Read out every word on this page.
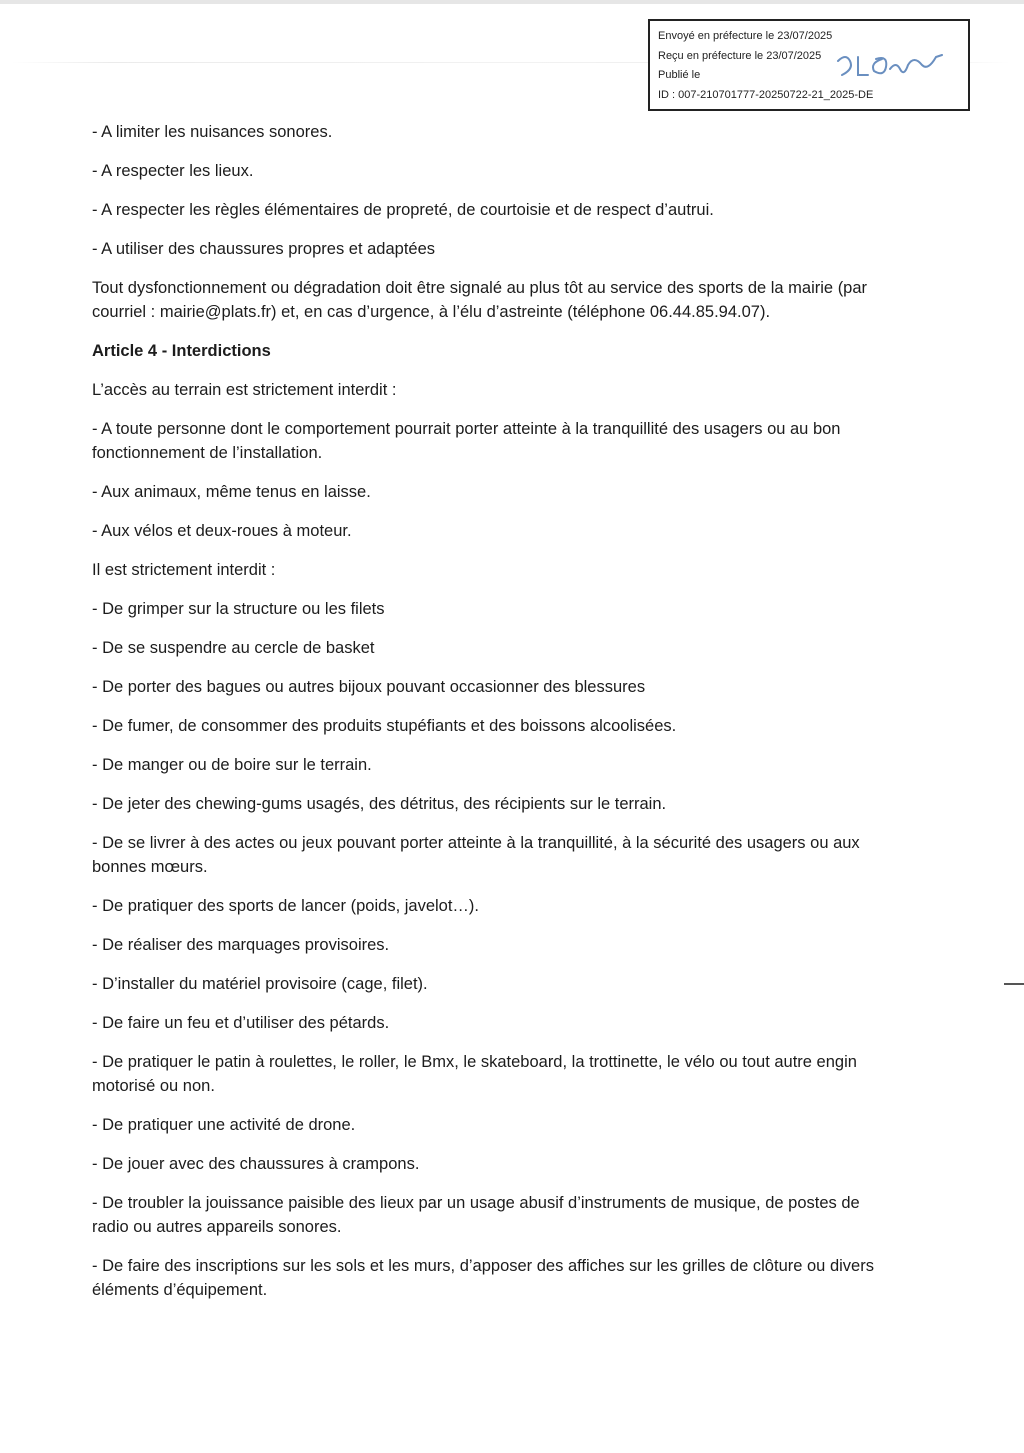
Envoyé en préfecture le 23/07/2025
Reçu en préfecture le 23/07/2025
Publié le
ID : 007-210701777-20250722-21_2025-DE

- A limiter les nuisances sonores.

- A respecter les lieux.

- A respecter les règles élémentaires de propreté, de courtoisie et de respect d’autrui.

- A utiliser des chaussures propres et adaptées

Tout dysfonctionnement ou dégradation doit être signalé au plus tôt au service des sports de la mairie (par courriel : mairie@plats.fr) et, en cas d’urgence, à l’élu d’astreinte (téléphone 06.44.85.94.07).

Article 4 - Interdictions

L’accès au terrain est strictement interdit :

- A toute personne dont le comportement pourrait porter atteinte à la tranquillité des usagers ou au bon fonctionnement de l’installation.

- Aux animaux, même tenus en laisse.

- Aux vélos et deux-roues à moteur.

Il est strictement interdit :

- De grimper sur la structure ou les filets

- De se suspendre au cercle de basket

- De porter des bagues ou autres bijoux pouvant occasionner des blessures

- De fumer, de consommer des produits stupéfiants et des boissons alcoolisées.

- De manger ou de boire sur le terrain.

- De jeter des chewing-gums usagés, des détritus, des récipients sur le terrain.

- De se livrer à des actes ou jeux pouvant porter atteinte à la tranquillité, à la sécurité des usagers ou aux bonnes mœurs.

- De pratiquer des sports de lancer (poids, javelot…).

- De réaliser des marquages provisoires.

- D’installer du matériel provisoire (cage, filet).

- De faire un feu et d’utiliser des pétards.

- De pratiquer le patin à roulettes, le roller, le Bmx, le skateboard, la trottinette, le vélo ou tout autre engin motorisé ou non.

- De pratiquer une activité de drone.

- De jouer avec des chaussures à crampons.

- De troubler la jouissance paisible des lieux par un usage abusif d’instruments de musique, de postes de radio ou autres appareils sonores.

- De faire des inscriptions sur les sols et les murs, d’apposer des affiches sur les grilles de clôture ou divers éléments d’équipement.
